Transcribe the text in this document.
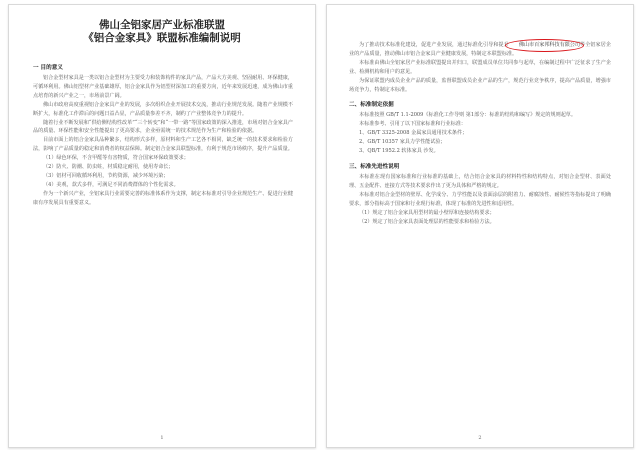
佛山全铝家居产业标准联盟
《铝合金家具》联盟标准编制说明
一 目的意义

铝合金型材家具是一类以铝合金型材为主要受力和装饰构件的家具产品，产品大方美观、坚固耐用、环保健康，可循环利用。佛山铝型材产业基础雄厚，铝合金家具作为铝型材深加工的重要方向，近年来发展迅速，成为佛山市重点培育的新兴产业之一，市场前景广阔。

佛山市政府高度重视铝合金家具产业的发展，多次组织企业开展技术交流，推动行业规范发展。随着产业规模不断扩大，标准化工作滞后的问题日益凸显，产品质量参差不齐，制约了产业整体竞争力的提升。

随着行业不断发展和“供给侧结构性改革”“三个转变”和“一带一路”等国家政策的深入推进，市场对铝合金家具产品的质量、环保性能和安全性能提出了更高要求，企业亟需统一的技术规范作为生产和检验的依据。

目前市面上的铝合金家具品种繁多，结构形式多样，原材料和生产工艺各不相同，缺乏统一的技术要求和检验方法，影响了产品质量的稳定和消费者的权益保障。制定铝合金家具联盟标准，有利于规范市场秩序，提升产品质量。

（1）绿色环保，不含甲醛等有害物质，符合国家环保政策要求；

（2）防火、防潮、防虫蛀，材质稳定耐用，使用寿命长；

（3）铝材可回收循环利用，节约资源，减少环境污染；

（4）美观，款式多样，可满足不同消费群体的个性化需求。

作为一个新兴产业，全铝家具行业需要完善的标准体系作为支撑，制定本标准对引导企业规范生产、促进行业健康有序发展具有重要意义。

1

为了推动技术标准化建设，促进产业发展，通过标准化引导和提升 佛山市百家邦科技有限公司等全铝家居企业的产品质量，推动佛山市铝合金家具产业健康发展，特制定本联盟标准。

本标准由佛山全铝家居产业标准联盟提出并归口，联盟成员单位共同参与起草，在编制过程中广泛征求了生产企业、检测机构和用户的意见。

为保证联盟内成员企业产品的质量，监督联盟成员企业产品的生产，规范行业竞争秩序，提高产品质量，增强市场竞争力，特制定本标准。

二、标准制定依据

本标准按照 GB/T 1.1-2009《标准化工作导则 第1部分：标准的结构和编写》规定的规则起草。

本标准参考、引用了以下国家标准和行业标准：

1、GB/T 3325-2008 金属家具通用技术条件；

2、GB/T 10357 家具力学性能试验；

3、QB/T 1952.2 软体家具 沙发。

三、标准先进性说明

本标准在现有国家标准和行业标准的基础上，结合铝合金家具的材料特性和结构特点，对铝合金型材、表面处理、五金配件、连接方式等技术要求作出了更为具体和严格的规定。

本标准对铝合金型材的壁厚、化学成分、力学性能以及表面涂层的附着力、耐腐蚀性、耐候性等指标提出了明确要求，部分指标高于国家和行业现行标准，体现了标准的先进性和适用性。

（1）规定了铝合金家具用型材的最小壁厚和连接结构要求；

（2）规定了铝合金家具表面处理层的性能要求和检验方法。

2
